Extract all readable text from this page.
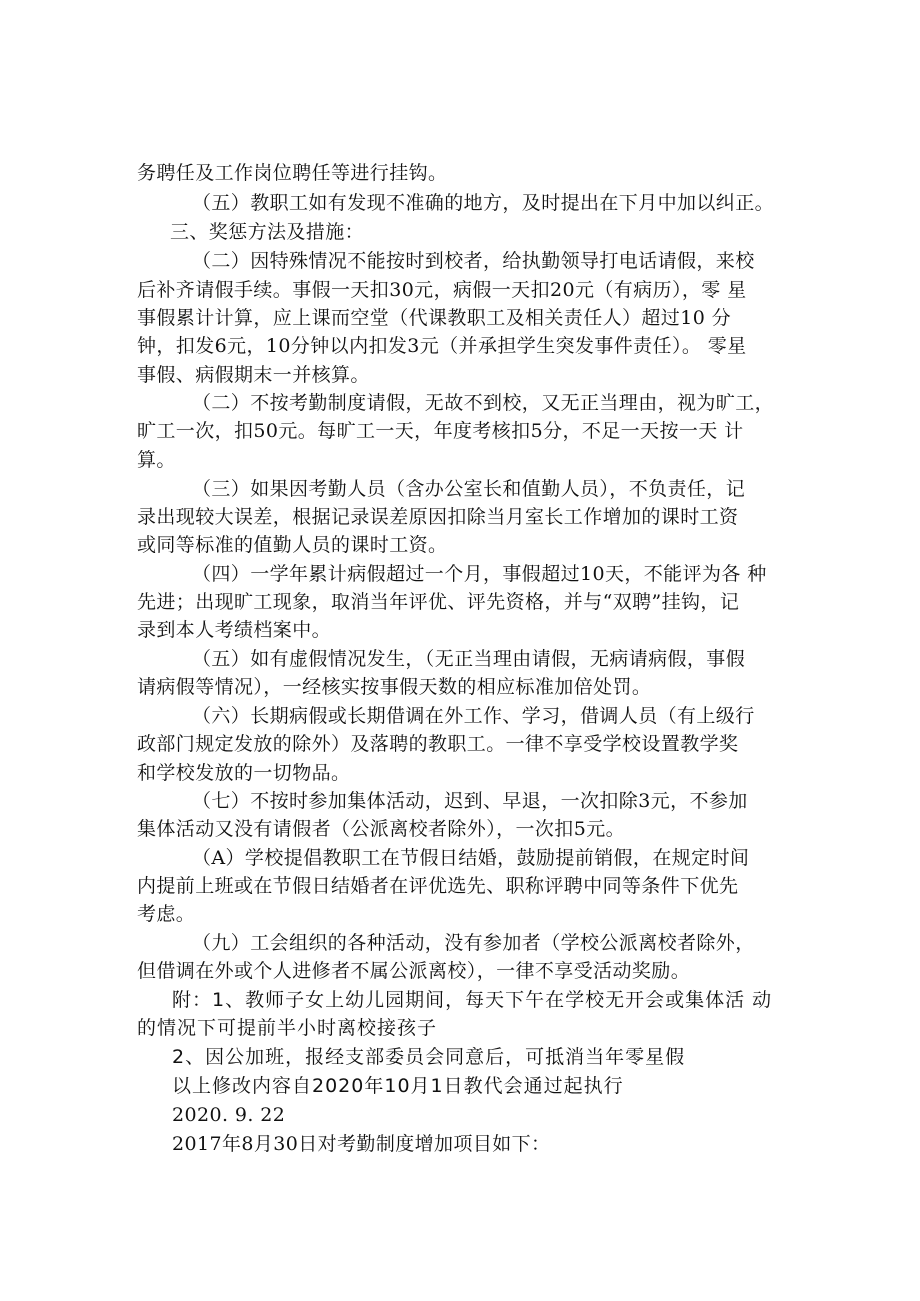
务聘任及工作岗位聘任等进行挂钩。
（五）教职工如有发现不准确的地方，及时提出在下月中加以纠正。
三、奖惩方法及措施：
（二）因特殊情况不能按时到校者，给执勤领导打电话请假，来校
后补齐请假手续。事假一天扣30元，病假一天扣20元（有病历），零 星
事假累计计算，应上课而空堂（代课教职工及相关责任人）超过10 分
钟，扣发6元，10分钟以内扣发3元（并承担学生突发事件责任）。 零星
事假、病假期末一并核算。
（二）不按考勤制度请假，无故不到校，又无正当理由，视为旷工，
旷工一次，扣50元。每旷工一天，年度考核扣5分，不足一天按一天 计
算。
（三）如果因考勤人员（含办公室长和值勤人员），不负责任，记
录出现较大误差，根据记录误差原因扣除当月室长工作增加的课时工资
或同等标准的值勤人员的课时工资。
（四）一学年累计病假超过一个月，事假超过10天，不能评为各 种
先进；出现旷工现象，取消当年评优、评先资格，并与“双聘”挂钩，记
录到本人考绩档案中。
（五）如有虚假情况发生，（无正当理由请假，无病请病假，事假
请病假等情况），一经核实按事假天数的相应标准加倍处罚。
（六）长期病假或长期借调在外工作、学习，借调人员（有上级行
政部门规定发放的除外）及落聘的教职工。一律不享受学校设置教学奖
和学校发放的一切物品。
（七）不按时参加集体活动，迟到、早退，一次扣除3元，不参加
集体活动又没有请假者（公派离校者除外），一次扣5元。
（A）学校提倡教职工在节假日结婚，鼓励提前销假，在规定时间
内提前上班或在节假日结婚者在评优选先、职称评聘中同等条件下优先
考虑。
（九）工会组织的各种活动，没有参加者（学校公派离校者除外，
但借调在外或个人进修者不属公派离校），一律不享受活动奖励。
附：1、教师子女上幼儿园期间，每天下午在学校无开会或集体活 动
的情况下可提前半小时离校接孩子
2、因公加班，报经支部委员会同意后，可抵消当年零星假
以上修改内容自2020年10月1日教代会通过起执行
2020. 9. 22
2017年8月30日对考勤制度增加项目如下：
